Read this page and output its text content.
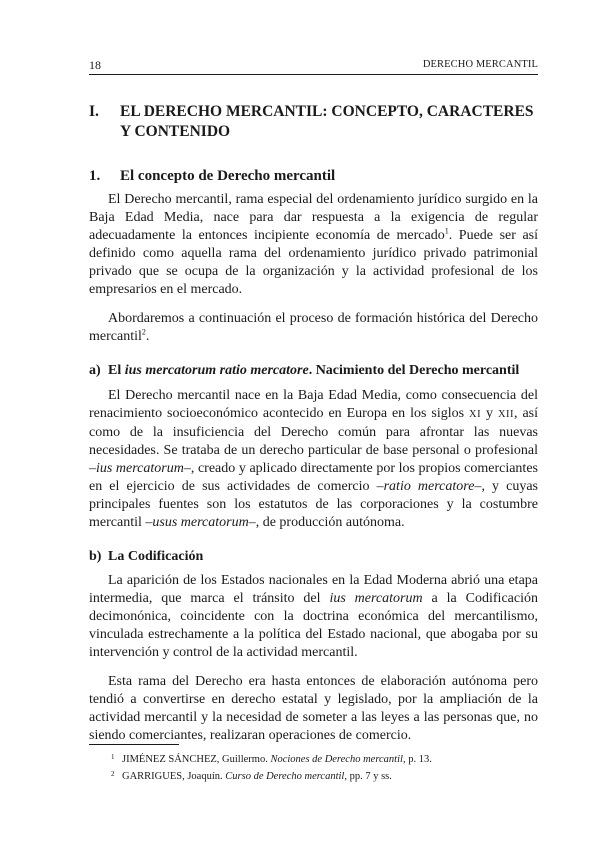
18	DERECHO MERCANTIL
I. EL DERECHO MERCANTIL: CONCEPTO, CARACTERES Y CONTENIDO
1. El concepto de Derecho mercantil

El Derecho mercantil, rama especial del ordenamiento jurídico surgido en la Baja Edad Media, nace para dar respuesta a la exigencia de regular adecuadamente la entonces incipiente economía de mercado$^1$. Puede ser así definido como aquella rama del ordenamiento jurídico privado patrimonial privado que se ocupa de la organización y la actividad profesional de los empresarios en el mercado.

Abordaremos a continuación el proceso de formación histórica del Derecho mercantil$^2$.

a) El ius mercatorum ratio mercatore. Nacimiento del Derecho mercantil

El Derecho mercantil nace en la Baja Edad Media, como consecuencia del renacimiento socioeconómico acontecido en Europa en los siglos XI y XII, así como de la insuficiencia del Derecho común para afrontar las nuevas necesidades. Se trataba de un derecho particular de base personal o profesional –ius mercatorum–, creado y aplicado directamente por los propios comerciantes en el ejercicio de sus actividades de comercio –ratio mercatore–, y cuyas principales fuentes son los estatutos de las corporaciones y la costumbre mercantil –usus mercatorum–, de producción autónoma.

b) La Codificación

La aparición de los Estados nacionales en la Edad Moderna abrió una etapa intermedia, que marca el tránsito del ius mercatorum a la Codificación decimonónica, coincidente con la doctrina económica del mercantilismo, vinculada estrechamente a la política del Estado nacional, que abogaba por su intervención y control de la actividad mercantil.

Esta rama del Derecho era hasta entonces de elaboración autónoma pero tendió a convertirse en derecho estatal y legislado, por la ampliación de la actividad mercantil y la necesidad de someter a las leyes a las personas que, no siendo comerciantes, realizaran operaciones de comercio.

1 JIMÉNEZ SÁNCHEZ, Guillermo. Nociones de Derecho mercantil, p. 13.
2 GARRIGUES, Joaquín. Curso de Derecho mercantil, pp. 7 y ss.
